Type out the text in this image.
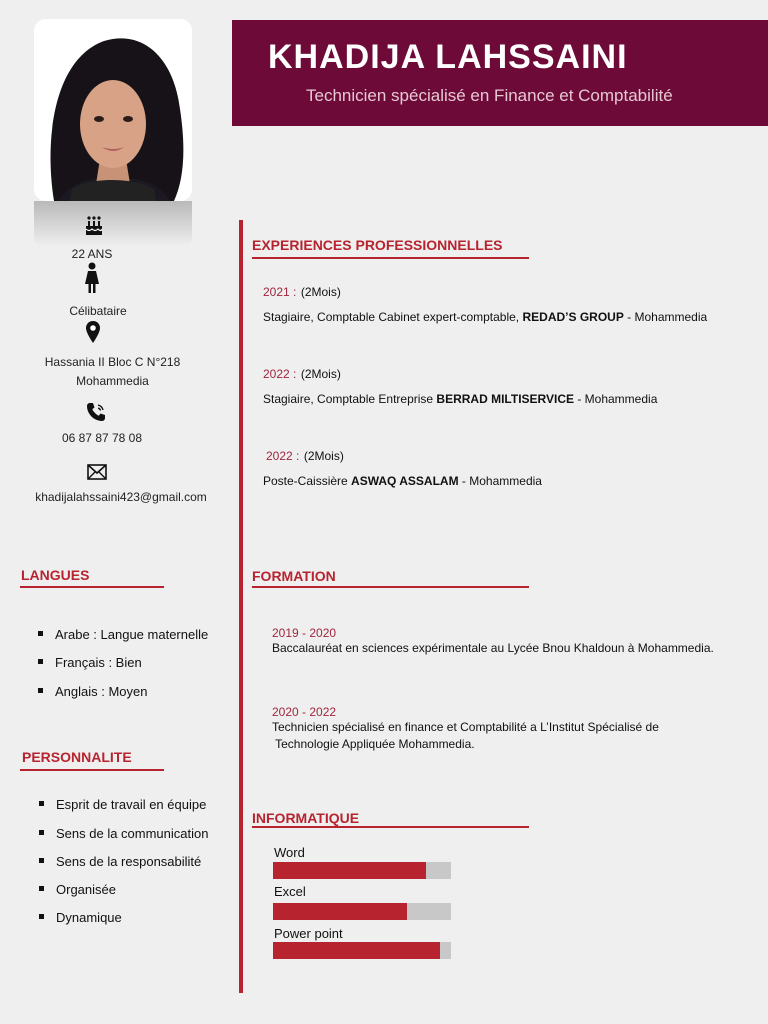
KHADIJA LAHSSAINI
Technicien spécialisé en Finance et Comptabilité
22 ANS
Célibataire
Hassania II Bloc C N°218
Mohammedia
06 87 87 78 08
khadijalahssaini423@gmail.com
LANGUES
Arabe : Langue maternelle
Français : Bien
Anglais : Moyen
PERSONNALITE
Esprit de travail en équipe
Sens de la communication
Sens de la responsabilité
Organisée
Dynamique
EXPERIENCES PROFESSIONNELLES
2021 : (2Mois)
Stagiaire, Comptable Cabinet expert-comptable, REDAD’S GROUP - Mohammedia
2022 : (2Mois)
Stagiaire, Comptable Entreprise BERRAD MILTISERVICE - Mohammedia
2022 : (2Mois)
Poste-Caissière ASWAQ ASSALAM - Mohammedia
FORMATION
2019 - 2020
Baccalauréat en sciences expérimentale au Lycée Bnou Khaldoun à Mohammedia.
2020 - 2022
Technicien spécialisé en finance et Comptabilité a L’Institut Spécialisé de
Technologie Appliquée Mohammedia.
INFORMATIQUE
Word
Excel
Power point
